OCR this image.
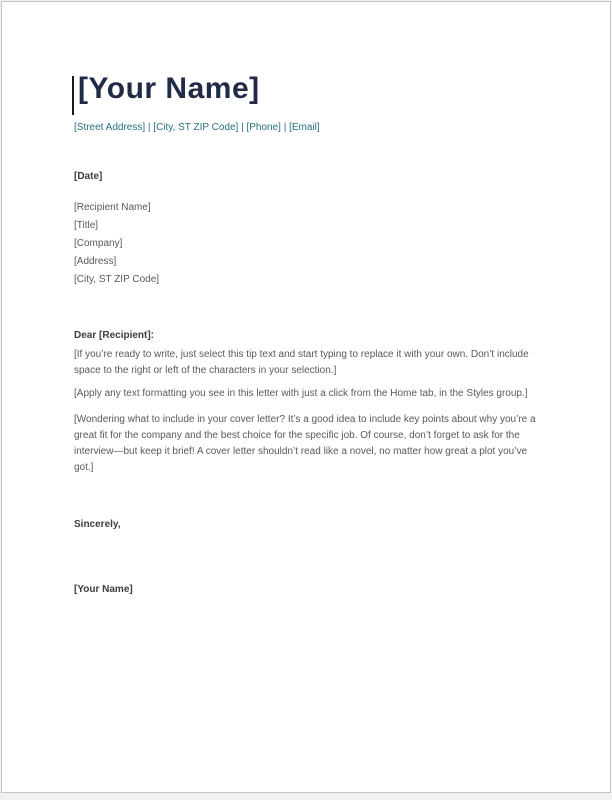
[Your Name]
[Street Address] | [City, ST ZIP Code] | [Phone] | [Email]
[Date]
[Recipient Name]
[Title]
[Company]
[Address]
[City, ST ZIP Code]
Dear [Recipient]:

[If you’re ready to write, just select this tip text and start typing to replace it with your own. Don’t include space to the right or left of the characters in your selection.]

[Apply any text formatting you see in this letter with just a click from the Home tab, in the Styles group.]

[Wondering what to include in your cover letter? It’s a good idea to include key points about why you’re a great fit for the company and the best choice for the specific job. Of course, don’t forget to ask for the interview—but keep it brief! A cover letter shouldn’t read like a novel, no matter how great a plot you’ve got.]

Sincerely,
[Your Name]
